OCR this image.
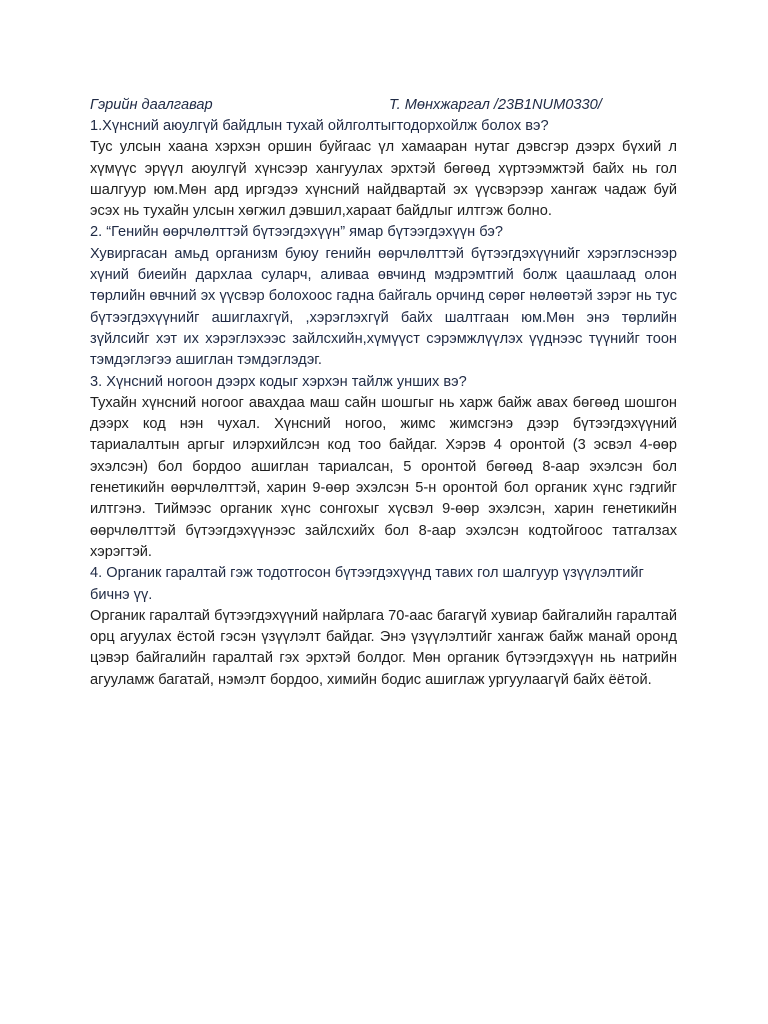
Гэрийн даалгавар	Т. Мөнхжаргал /23B1NUM0330/

1.Хүнсний аюулгүй байдлын тухай ойлголтыгтодорхойлж болох вэ?

Тус улсын хаана хэрхэн оршин буйгаас үл хамааран нутаг дэвсгэр дээрх бүхий л хүмүүс эрүүл аюулгүй хүнсээр хангуулах эрхтэй бөгөөд хүртээмжтэй байх нь гол шалгуур юм.Мөн ард иргэдээ хүнсний найдвартай эх үүсвэрээр хангаж чадаж буй эсэх нь тухайн улсын хөгжил дэвшил,хараат байдлыг илтгэж болно.

2. “Генийн өөрчлөлттэй бүтээгдэхүүн” ямар бүтээгдэхүүн бэ?

Хувиргасан амьд организм буюу генийн өөрчлөлттэй бүтээгдэхүүнийг хэрэглэснээр хүний биеийн дархлаа суларч, аливаа өвчинд мэдрэмтгий болж цаашлаад олон төрлийн өвчний эх үүсвэр болохоос гадна байгаль орчинд сөрөг нөлөөтэй зэрэг нь тус бүтээгдэхүүнийг ашиглахгүй, ,хэрэглэхгүй байх шалтгаан юм.Мөн энэ төрлийн зүйлсийг хэт их хэрэглэхээс зайлсхийн,хүмүүст сэрэмжлүүлэх үүднээс түүнийг тоон тэмдэглэгээ ашиглан тэмдэглэдэг.

3. Хүнсний ногоон дээрх кодыг хэрхэн тайлж унших вэ?

Тухайн хүнсний ногоог авахдаа маш сайн шошгыг нь харж байж авах бөгөөд шошгон дээрх код нэн чухал. Хүнсний ногоо, жимс жимсгэнэ дээр бүтээгдэхүүний тариалалтын аргыг илэрхийлсэн код тоо байдаг. Хэрэв 4 оронтой (3 эсвэл 4-өөр эхэлсэн) бол бордоо ашиглан тариалсан, 5 оронтой бөгөөд 8-аар эхэлсэн бол генетикийн өөрчлөлттэй, харин 9-өөр эхэлсэн 5-н оронтой бол органик хүнс гэдгийг илтгэнэ. Тиймээс органик хүнс сонгохыг хүсвэл 9-өөр эхэлсэн, харин генетикийн өөрчлөлттэй бүтээгдэхүүнээс зайлсхийх бол 8-аар эхэлсэн кодтойгоос татгалзах хэрэгтэй.

4. Органик гаралтай гэж тодотгосон бүтээгдэхүүнд тавих гол шалгуур үзүүлэлтийг бичнэ үү.

Органик гаралтай бүтээгдэхүүний найрлага 70-аас багагүй хувиар байгалийн гаралтай орц агуулах ёстой гэсэн үзүүлэлт байдаг. Энэ үзүүлэлтийг хангаж байж манай оронд цэвэр байгалийн гаралтай гэх эрхтэй болдог. Мөн органик бүтээгдэхүүн нь натрийн агууламж багатай, нэмэлт бордоо, химийн бодис ашиглаж ургуулаагүй байх ёётой.
